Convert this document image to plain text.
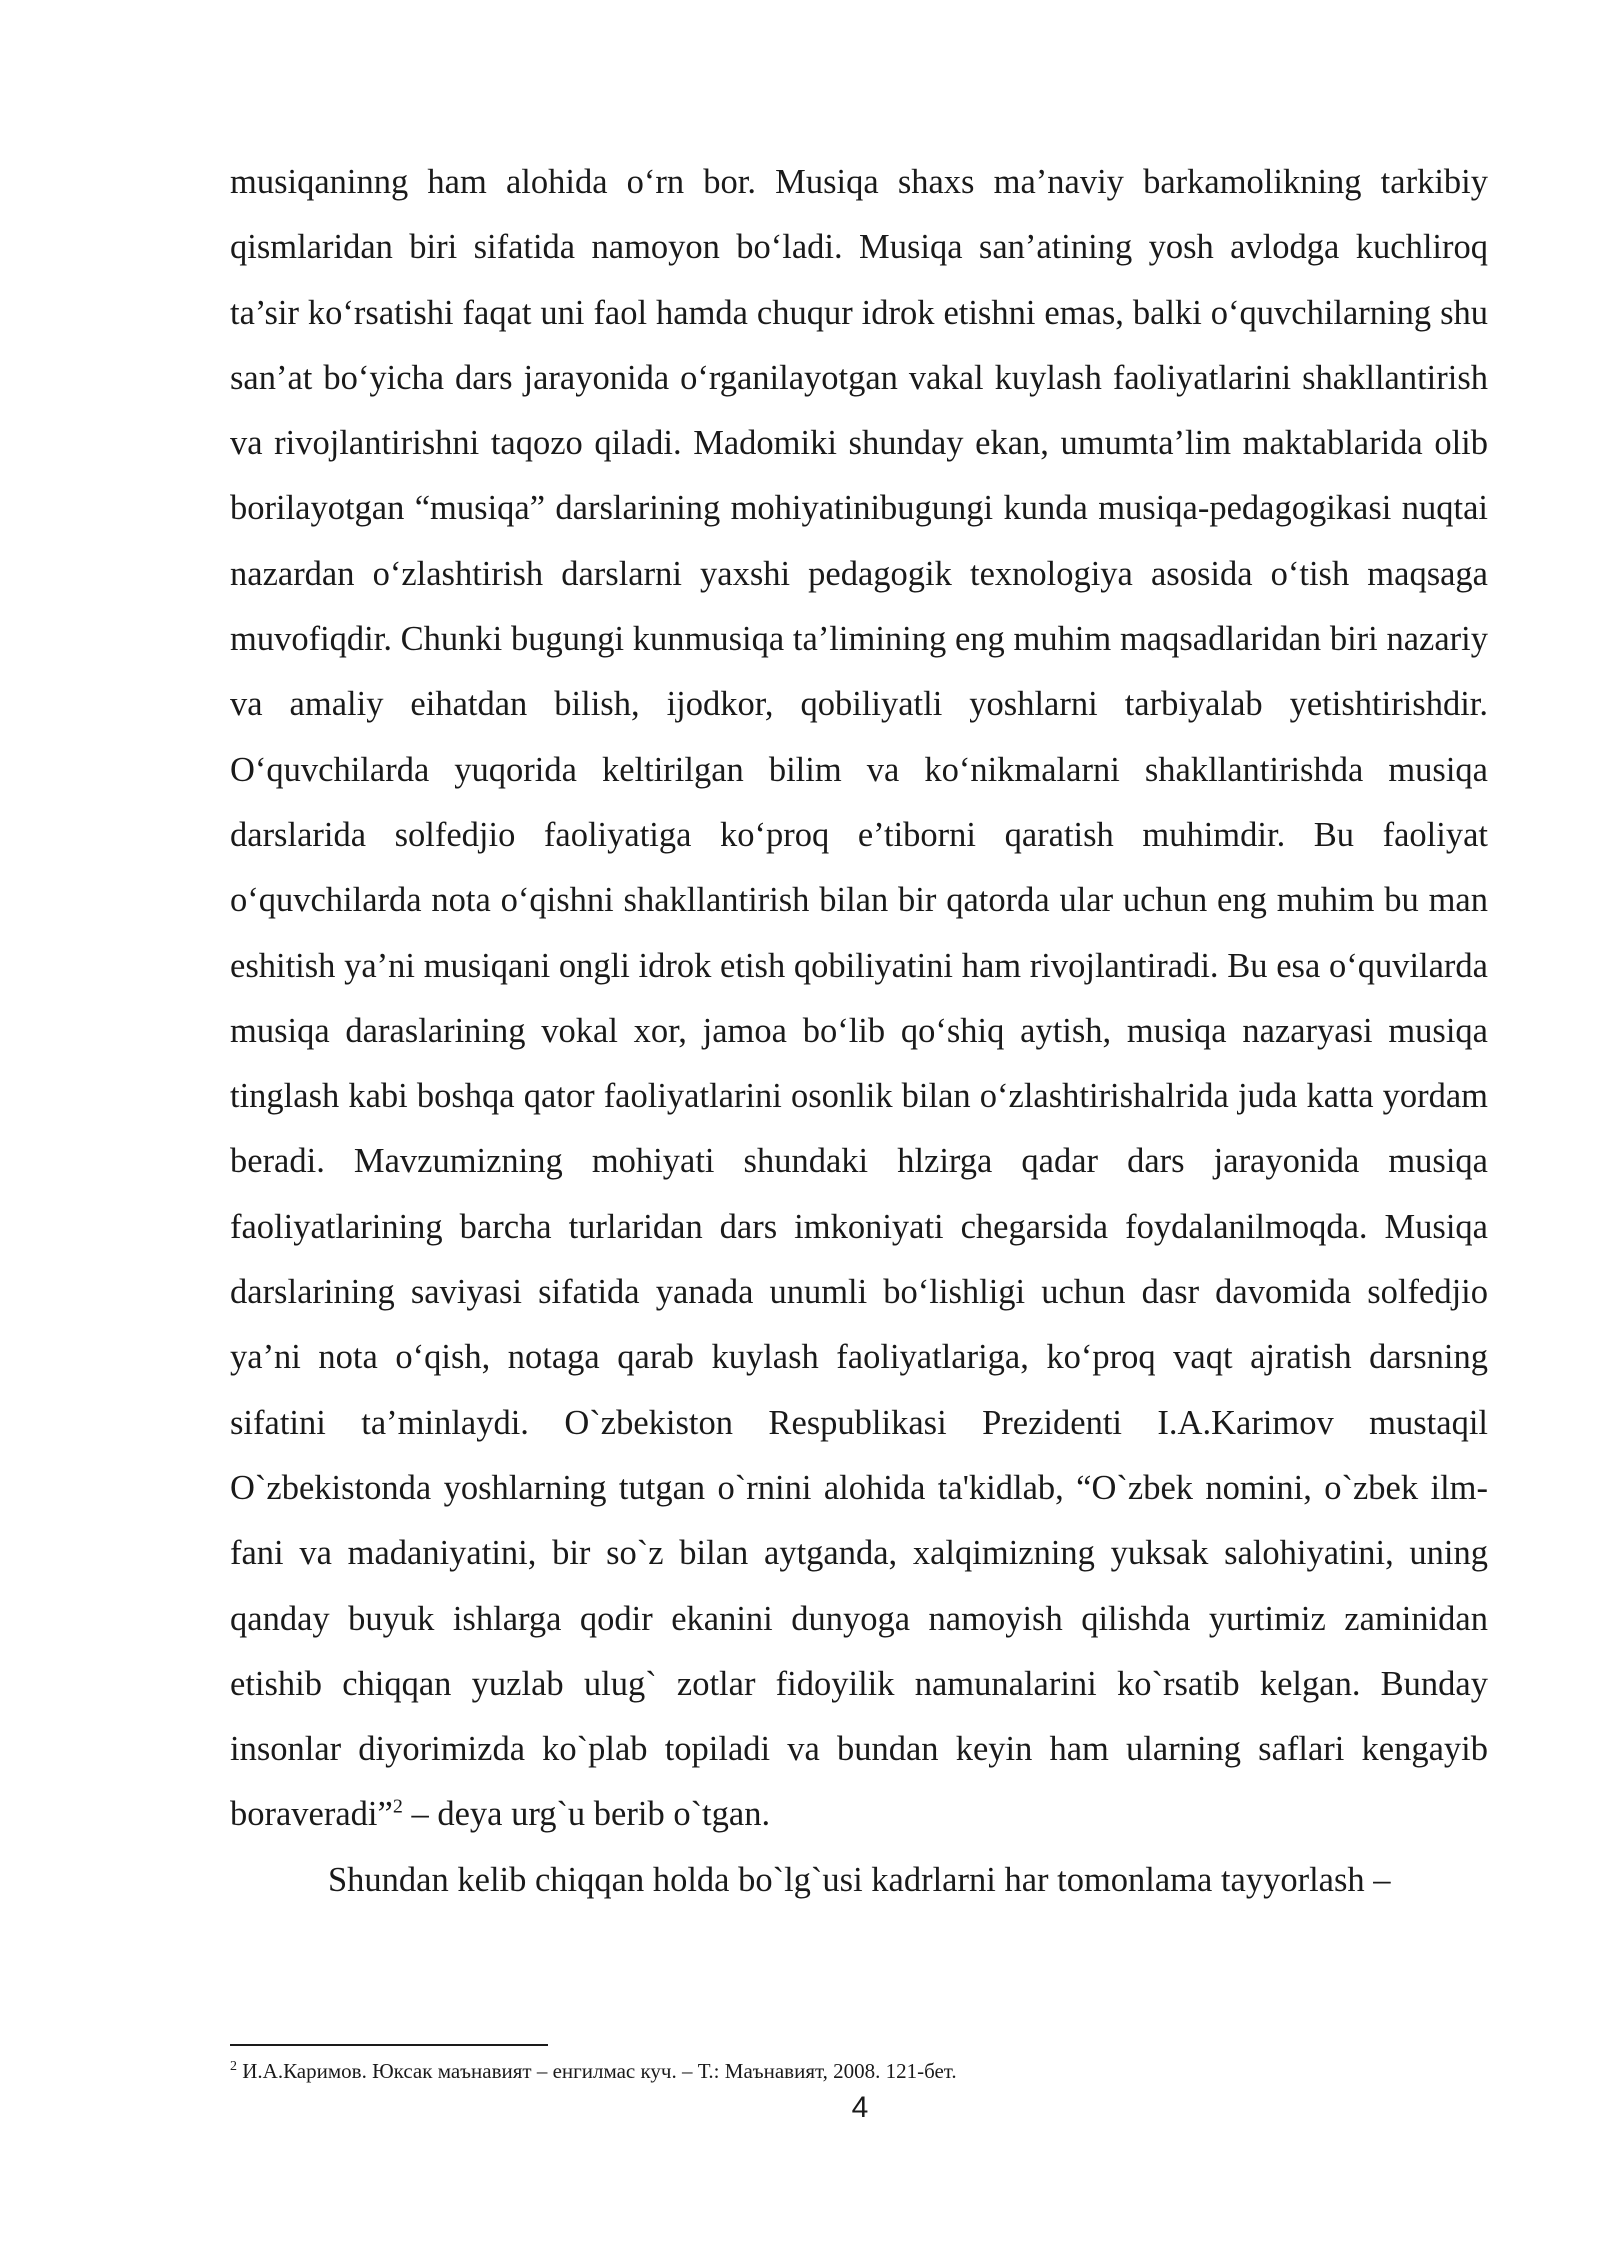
musiqaninng ham alohida o‘rn bor. Musiqa shaxs ma’naviy barkamolikning tarkibiy qismlaridan biri sifatida namoyon bo‘ladi. Musiqa san’atining yosh avlodga kuchliroq ta’sir ko‘rsatishi faqat uni faol hamda chuqur idrok etishni emas, balki o‘quvchilarning shu san’at bo‘yicha dars jarayonida o‘rganilayotgan vakal kuylash faoliyatlarini shakllantirish va rivojlantirishni taqozo qiladi. Madomiki shunday ekan, umumta’lim maktablarida olib borilayotgan “musiqa” darslarining mohiyatinibugungi kunda musiqa-pedagogikasi nuqtai nazardan o‘zlashtirish darslarni yaxshi pedagogik texnologiya asosida o‘tish maqsaga muvofiqdir. Chunki bugungi kunmusiqa ta’limining eng muhim maqsadlaridan biri nazariy va amaliy eihatdan bilish, ijodkor, qobiliyatli yoshlarni tarbiyalab yetishtirishdir. O‘quvchilarda yuqorida keltirilgan bilim va ko‘nikmalarni shakllantirishda musiqa darslarida solfedjio faoliyatiga ko‘proq e’tiborni qaratish muhimdir. Bu faoliyat o‘quvchilarda nota o‘qishni shakllantirish bilan bir qatorda ular uchun eng muhim bu man eshitish ya’ni musiqani ongli idrok etish qobiliyatini ham rivojlantiradi. Bu esa o‘quvilarda musiqa daraslarining vokal xor, jamoa bo‘lib qo‘shiq aytish, musiqa nazaryasi musiqa tinglash kabi boshqa qator faoliyatlarini osonlik bilan o‘zlashtirishalrida juda katta yordam beradi. Mavzumizning mohiyati shundaki hlzirga qadar dars jarayonida musiqa faoliyatlarining barcha turlaridan dars imkoniyati chegarsida foydalanilmoqda. Musiqa darslarining saviyasi sifatida yanada unumli bo‘lishligi uchun dasr davomida solfedjio ya’ni nota o‘qish, notaga qarab kuylash faoliyatlariga, ko‘proq vaqt ajratish darsning sifatini ta’minlaydi. O`zbekiston Respublikasi Prezidenti I.A.Karimov mustaqil O`zbekistonda yoshlarning tutgan o`rnini alohida ta'kidlab, “O`zbek nomini, o`zbek ilm-fani va madaniyatini, bir so`z bilan aytganda, xalqimizning yuksak salohiyatini, uning qanday buyuk ishlarga qodir ekanini dunyoga namoyish qilishda yurtimiz zaminidan etishib chiqqan yuzlab ulug` zotlar fidoyilik namunalarini ko`rsatib kelgan. Bunday insonlar diyorimizda ko`plab topiladi va bundan keyin ham ularning saflari kengayib boraveradi”$^2$ – deya urg`u berib o`tgan.

Shundan kelib chiqqan holda bo`lg`usi kadrlarni har tomonlama tayyorlash –

$^2$ И.А.Каримов. Юксак маънавият – енгилмас куч. – Т.: Маънавият, 2008. 121-бет.

4
